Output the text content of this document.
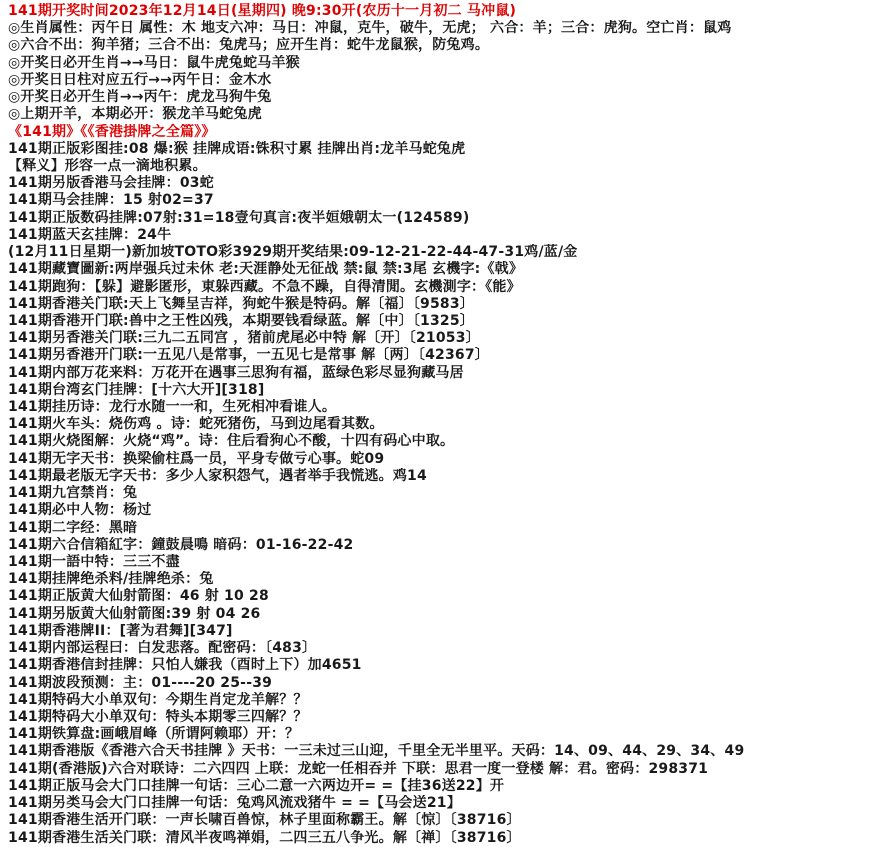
141期开奖时间2023年12月14日(星期四) 晚9:30开(农历十一月初二 马冲鼠)
◎生肖属性：丙午日 属性：木 地支六冲：马日：冲鼠，克牛，破牛，无虎； 六合：羊；三合：虎狗。空亡肖：鼠鸡
◎六合不出：狗羊猪；三合不出：兔虎马；应开生肖：蛇牛龙鼠猴，防兔鸡。
◎开奖日必开生肖→→马日：鼠牛虎兔蛇马羊猴
◎开奖日日柱对应五行→→丙午日：金木水
◎开奖日必开生肖→→丙午：虎龙马狗牛兔
◎上期开羊，本期必开：猴龙羊马蛇兔虎
《141期》《《香港掛牌之全篇》》
141期正版彩图挂:08 爆:猴 挂牌成语:铢积寸累 挂牌出肖:龙羊马蛇兔虎
【释义】形容一点一滴地积累。
141期另版香港马会挂牌：03蛇
141期马会挂牌：15 射02=37
141期正版数码挂牌:07射:31=18壹句真言:夜半姮娥朝太一(124589)
141期蓝天玄挂牌：24牛
(12月11日星期一)新加坡TOTO彩3929期开奖结果:09-12-21-22-44-47-31鸡/蓝/金
141期藏寶圖新:两岸强兵过未休 老:天涯静处无征战 禁:鼠 禁:3尾 玄機字:《戟》
141期跑狗：【躲】避影匿形，東躲西藏。不急不躁，自得清閒。玄機測字：《能》
141期香港关门联:天上飞舞呈吉祥，狗蛇牛猴是特码。解〔福〕〔9583〕
141期香港开门联:兽中之王性凶残，本期要钱看绿蓝。解〔中〕〔1325〕
141期另香港关门联:三九二五同宫 ，猪前虎尾必中特 解〔开〕〔21053〕
141期另香港开门联:一五见八是常事，一五见七是常事 解〔两〕〔42367〕
141期内部万花来料：万花开在遇事三思狗有福，蓝绿色彩尽显狗藏马居
141期台湾玄门挂牌：[十六大开][318]
141期挂历诗：龙行水随一一和，生死相冲看谁人。
141期火车头：烧伤鸡 。诗：蛇死猪伤，马到边尾看其数。
141期火烧图解：火烧“鸡”。诗：住后看狗心不酸，十四有码心中取。
141期无字天书：换梁偷柱爲一员，平身专做亏心事。蛇09
141期最老版无字天书：多少人家积怨气，遇者举手我慌逃。鸡14
141期九宫禁肖：兔
141期必中人物：杨过
141期二字经：黑暗
141期六合信箱紅字：鐘鼓晨鳴 暗码：01-16-22-42
141期一語中特：三三不盡
141期挂牌绝杀料/挂牌绝杀：兔
141期正版黄大仙射箭图：46 射 10 28
141期另版黄大仙射箭图:39 射 04 26
141期香港牌II：[著为君舞][347]
141期内部运程曰：白发悲落。配密码：〔483〕
141期香港信封挂牌：只怕人嫌我（酉时上下）加4651
141期波段预测：主：01----20 25--39
141期特码大小单双句：今期生肖定龙羊解？？
141期特码大小单双句：特头本期零三四解？？
141期铁算盘:画峨眉峰（所谓阿赖耶）开：？
141期香港版《香港六合天书挂牌 》天书：一三未过三山迎，千里全无半里平。天码：14、09、44、29、34、49
141期(香港版)六合对联诗：二六四四 上联：龙蛇一任相吞并 下联：思君一度一登楼 解：君。密码：298371
141期正版马会大门口挂牌一句话：三心二意一六两边开= =【挂36送22】开
141期另类马会大门口挂牌一句话：兔鸡风流戏猪牛 = =【马会送21】
141期香港生活开门联：一声长啸百兽惊，林子里面称霸王。解〔惊〕〔38716〕
141期香港生活关门联：清风半夜鸣禅娟，二四三五八争光。解〔禅〕〔38716〕
